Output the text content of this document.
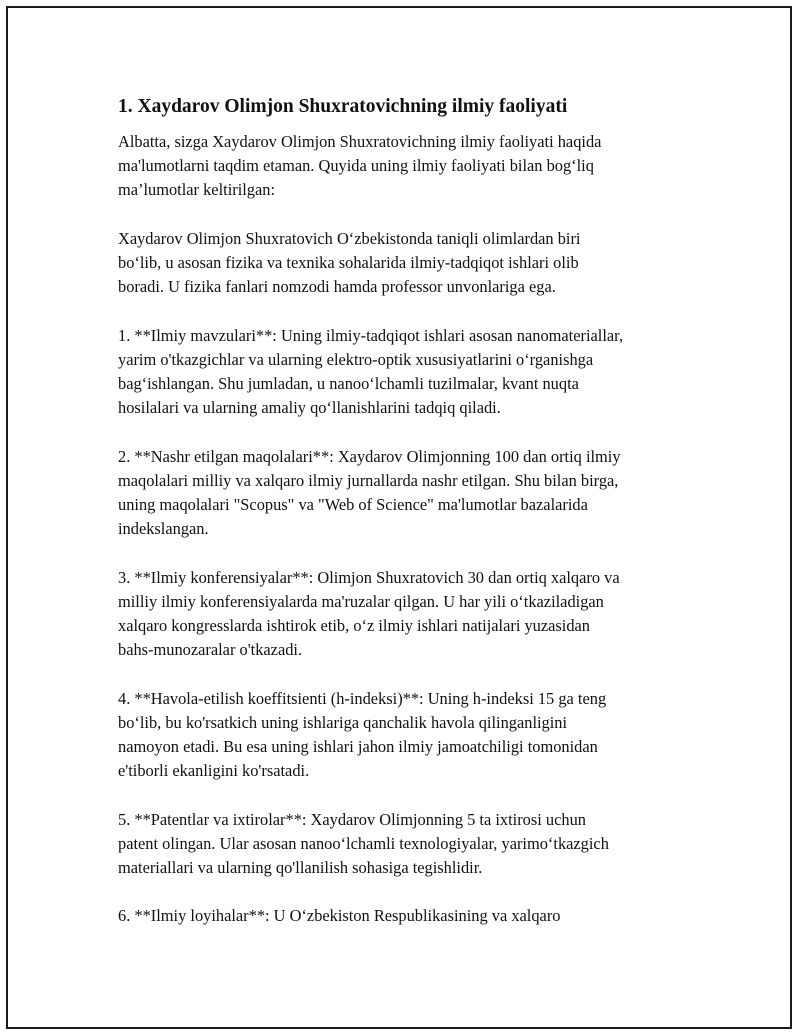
1. Xaydarov Olimjon Shuxratovichning ilmiy faoliyati

Albatta, sizga Xaydarov Olimjon Shuxratovichning ilmiy faoliyati haqida
ma'lumotlarni taqdim etaman. Quyida uning ilmiy faoliyati bilan bog‘liq
ma’lumotlar keltirilgan:

Xaydarov Olimjon Shuxratovich O‘zbekistonda taniqli olimlardan biri
bo‘lib, u asosan fizika va texnika sohalarida ilmiy-tadqiqot ishlari olib
boradi. U fizika fanlari nomzodi hamda professor unvonlariga ega.

1. **Ilmiy mavzulari**: Uning ilmiy-tadqiqot ishlari asosan nanomateriallar,
yarim o'tkazgichlar va ularning elektro-optik xususiyatlarini o‘rganishga
bag‘ishlangan. Shu jumladan, u nanoo‘lchamli tuzilmalar, kvant nuqta
hosilalari va ularning amaliy qo‘llanishlarini tadqiq qiladi.

2. **Nashr etilgan maqolalari**: Xaydarov Olimjonning 100 dan ortiq ilmiy
maqolalari milliy va xalqaro ilmiy jurnallarda nashr etilgan. Shu bilan birga,
uning maqolalari "Scopus" va "Web of Science" ma'lumotlar bazalarida
indekslangan.

3. **Ilmiy konferensiyalar**: Olimjon Shuxratovich 30 dan ortiq xalqaro va
milliy ilmiy konferensiyalarda ma'ruzalar qilgan. U har yili o‘tkaziladigan
xalqaro kongresslarda ishtirok etib, o‘z ilmiy ishlari natijalari yuzasidan
bahs-munozaralar o'tkazadi.

4. **Havola-etilish koeffitsienti (h-indeksi)**: Uning h-indeksi 15 ga teng
bo‘lib, bu ko'rsatkich uning ishlariga qanchalik havola qilinganligini
namoyon etadi. Bu esa uning ishlari jahon ilmiy jamoatchiligi tomonidan
e'tiborli ekanligini ko'rsatadi.

5. **Patentlar va ixtirolar**: Xaydarov Olimjonning 5 ta ixtirosi uchun
patent olingan. Ular asosan nanoo‘lchamli texnologiyalar, yarimo‘tkazgich
materiallari va ularning qo'llanilish sohasiga tegishlidir.

6. **Ilmiy loyihalar**: U O‘zbekiston Respublikasining va xalqaro
